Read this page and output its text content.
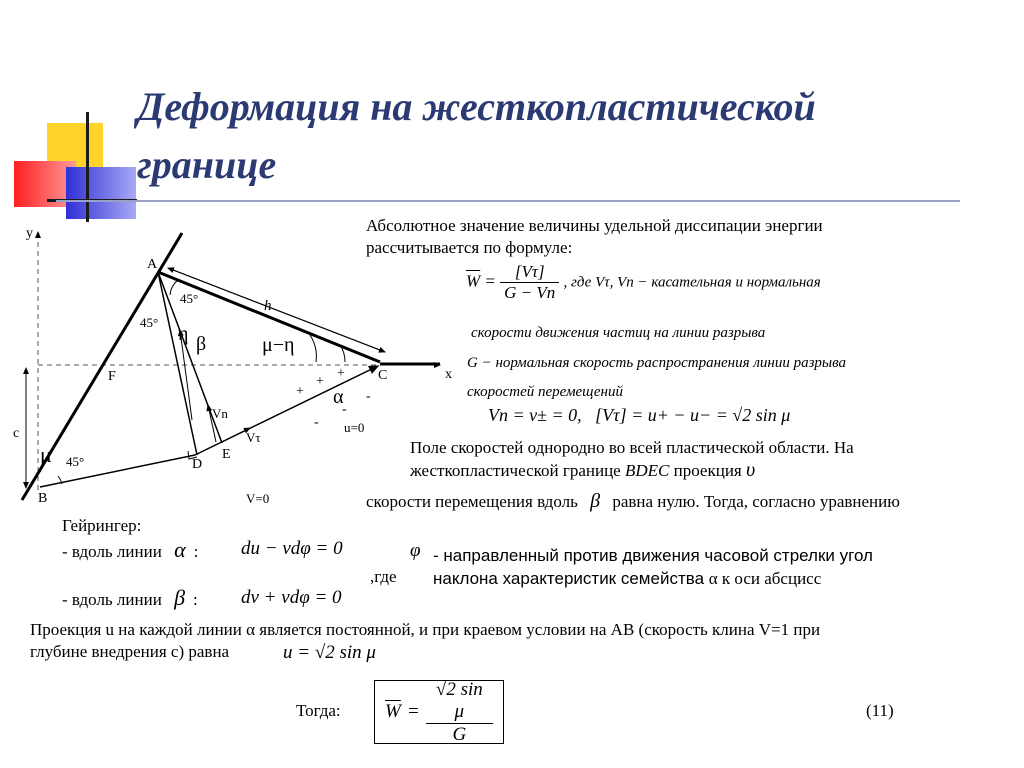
Деформация на жесткопластической
границе
y
x
A
B
C
D
E
F
h
c
45°
45°
45°
η β	μ−η
α
μ
Vn
Vτ
u=0
V=0
+
+
+
-
-
-
Абсолютное значение величины удельной диссипации энергии
рассчитывается по формуле:
$\overline{W} = \frac{[V\tau]}{G - Vn}$ , где Vτ, Vn − касательная и нормальная
скорости движения частиц на линии разрыва
G − нормальная скорость распространения линии разрыва
скоростей перемещений
Vn = v± = 0,   [Vτ] = u+ − u− = √2 sin μ
Поле скоростей однородно во всей пластической области. На
жесткопластической границе BDEC проекция υ
скорости перемещения вдоль β равна нулю. Тогда, согласно уравнению
Гейрингер:
- вдоль линии α : du − vdφ = 0
- вдоль линии β : dv + vdφ = 0
φ
,где
- направленный против движения часовой стрелки угол
наклона характеристик семейства α к оси абсцисс
Проекция u на каждой линии α является постоянной, и при краевом условии на AB (скорость клина V=1 при
глубине внедрения c) равна	u = √2 sin μ
Тогда: $\overline{W} = \frac{\text{√2 sin μ}}{G}$	(11)
